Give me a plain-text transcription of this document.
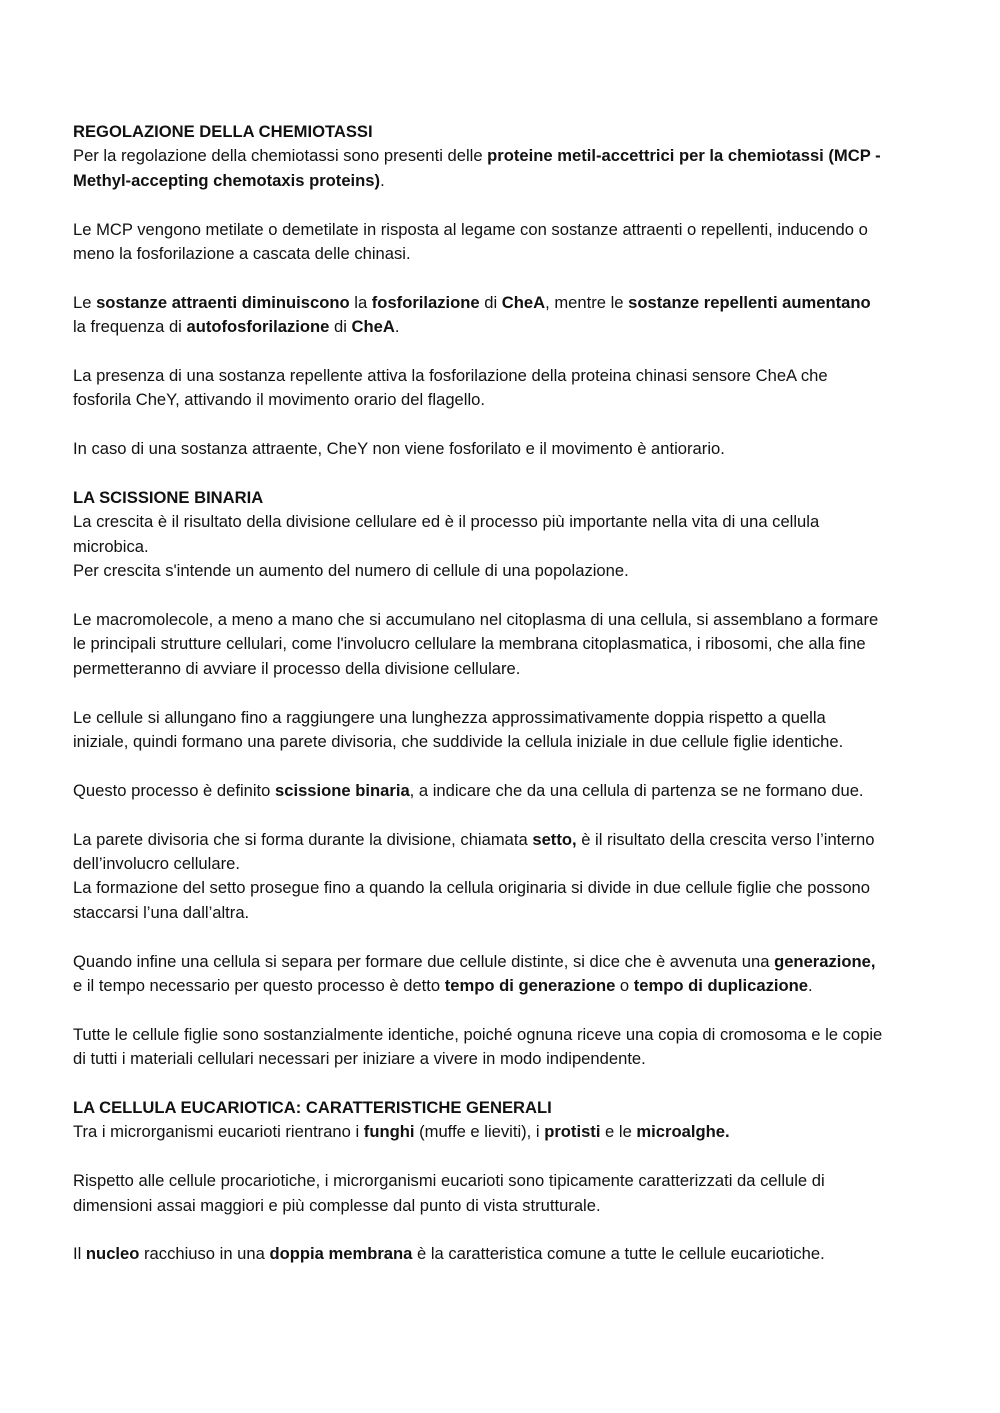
REGOLAZIONE DELLA CHEMIOTASSI

Per la regolazione della chemiotassi sono presenti delle proteine metil-accettrici per la chemiotassi (MCP -
Methyl-accepting chemotaxis proteins).

Le MCP vengono metilate o demetilate in risposta al legame con sostanze attraenti o repellenti, inducendo o
meno la fosforilazione a cascata delle chinasi.

Le sostanze attraenti diminuiscono la fosforilazione di CheA, mentre le sostanze repellenti aumentano
la frequenza di autofosforilazione di CheA.

La presenza di una sostanza repellente attiva la fosforilazione della proteina chinasi sensore CheA che
fosforila CheY, attivando il movimento orario del flagello.

In caso di una sostanza attraente, CheY non viene fosforilato e il movimento è antiorario.

LA SCISSIONE BINARIA

La crescita è il risultato della divisione cellulare ed è il processo più importante nella vita di una cellula
microbica.
Per crescita s'intende un aumento del numero di cellule di una popolazione.

Le macromolecole, a meno a mano che si accumulano nel citoplasma di una cellula, si assemblano a formare
le principali strutture cellulari, come l'involucro cellulare la membrana citoplasmatica, i ribosomi, che alla fine
permetteranno di avviare il processo della divisione cellulare.

Le cellule si allungano fino a raggiungere una lunghezza approssimativamente doppia rispetto a quella
iniziale, quindi formano una parete divisoria, che suddivide la cellula iniziale in due cellule figlie identiche.

Questo processo è definito scissione binaria, a indicare che da una cellula di partenza se ne formano due.

La parete divisoria che si forma durante la divisione, chiamata setto, è il risultato della crescita verso l’interno
dell’involucro cellulare.
La formazione del setto prosegue fino a quando la cellula originaria si divide in due cellule figlie che possono
staccarsi l’una dall’altra.

Quando infine una cellula si separa per formare due cellule distinte, si dice che è avvenuta una generazione,
e il tempo necessario per questo processo è detto tempo di generazione o tempo di duplicazione.

Tutte le cellule figlie sono sostanzialmente identiche, poiché ognuna riceve una copia di cromosoma e le copie
di tutti i materiali cellulari necessari per iniziare a vivere in modo indipendente.

LA CELLULA EUCARIOTICA: CARATTERISTICHE GENERALI

Tra i microrganismi eucarioti rientrano i funghi (muffe e lieviti), i protisti e le microalghe.

Rispetto alle cellule procariotiche, i microrganismi eucarioti sono tipicamente caratterizzati da cellule di
dimensioni assai maggiori e più complesse dal punto di vista strutturale.

Il nucleo racchiuso in una doppia membrana è la caratteristica comune a tutte le cellule eucariotiche.
